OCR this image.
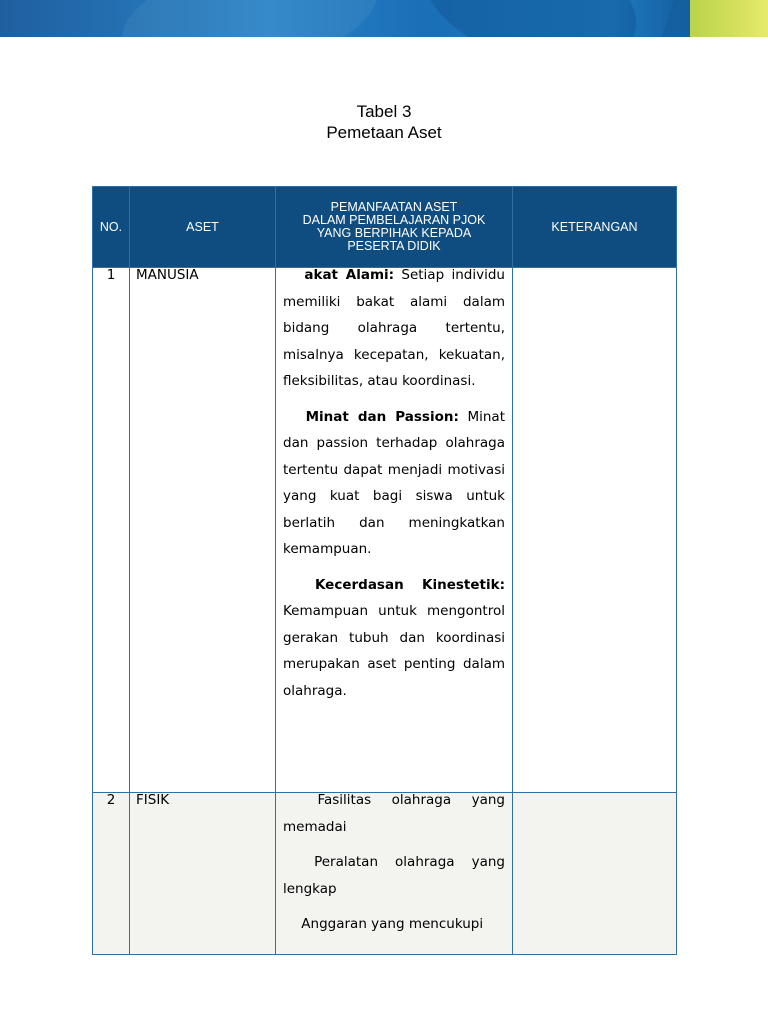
Tabel 3
Pemetaan Aset
NO.	ASET	PEMANFAATAN ASET
DALAM PEMBELAJARAN PJOK
YANG BERPIHAK KEPADA
PESERTA DIDIK	KETERANGAN

1	MANUSIA	akat Alami: Setiap individu memiliki bakat alami dalam bidang olahraga tertentu, misalnya kecepatan, kekuatan, fleksibilitas, atau koordinasi.

Minat dan Passion: Minat dan passion terhadap olahraga tertentu dapat menjadi motivasi yang kuat bagi siswa untuk berlatih dan meningkatkan kemampuan.

Kecerdasan Kinestetik: Kemampuan untuk mengontrol gerakan tubuh dan koordinasi merupakan aset penting dalam olahraga.	

2	FISIK	Fasilitas olahraga yang memadai

Peralatan olahraga yang lengkap

Anggaran yang mencukupi	
